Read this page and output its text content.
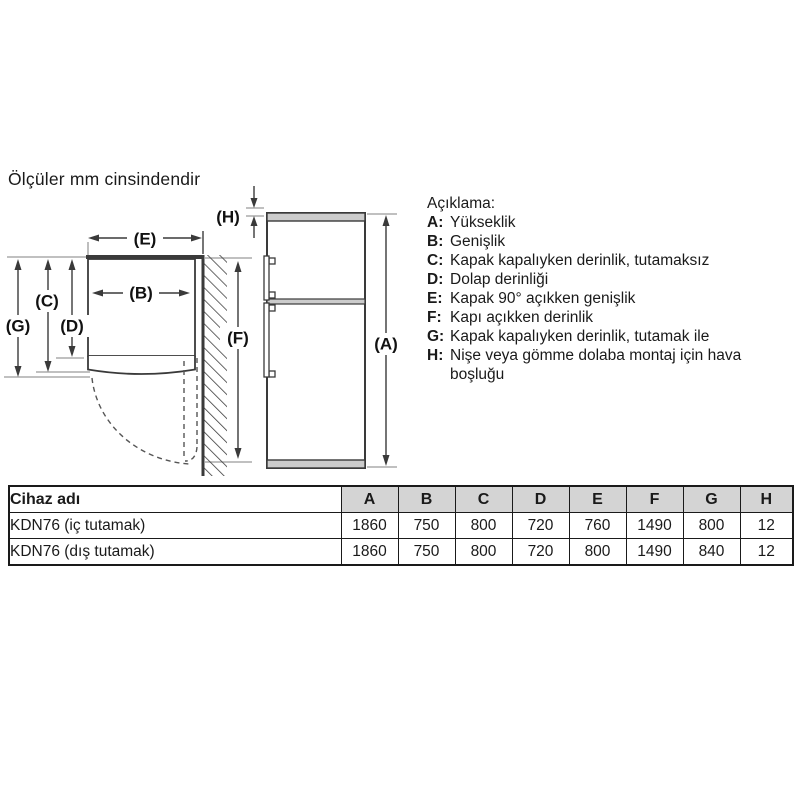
Ölçüler mm cinsindendir
(E)
(B)
(C)
(G) (D)
(F)	(A)
(H)
Açıklama:
A: Yükseklik
B: Genişlik
C: Kapak kapalıyken derinlik, tutamaksız
D: Dolap derinliği
E: Kapak 90° açıkken genişlik
F: Kapı açıkken derinlik
G: Kapak kapalıyken derinlik, tutamak ile
H: Nişe veya gömme dolaba montaj için hava boşluğu
Cihaz adı	A	B	C	D	E	F	G	H
KDN76 (iç tutamak)	1860	750	800	720	760	1490	800	12
KDN76 (dış tutamak)	1860	750	800	720	800	1490	840	12
